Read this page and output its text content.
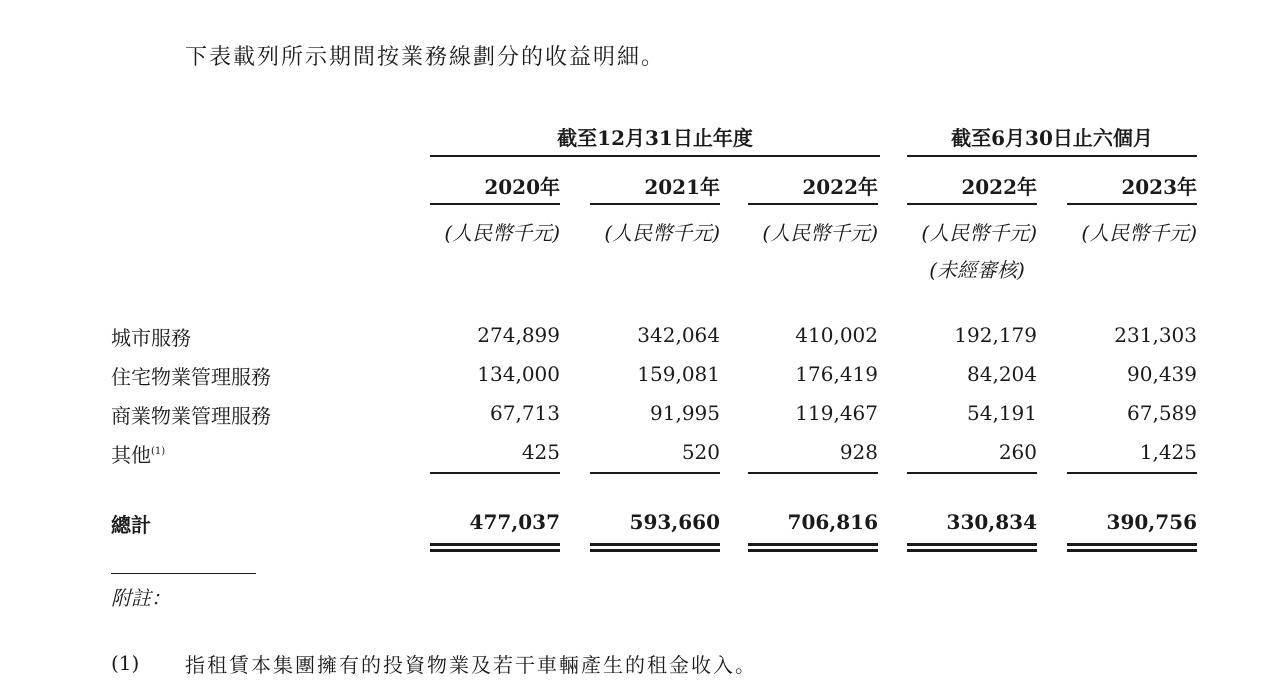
下表載列所示期間按業務線劃分的收益明細。
截至12月31日止年度	截至6月30日止六個月
2020年	2021年	2022年	2022年	2023年
(人民幣千元)	(人民幣千元)	(人民幣千元)	(人民幣千元)	(人民幣千元)
(未經審核)
城市服務	274,899	342,064	410,002	192,179	231,303
住宅物業管理服務	134,000	159,081	176,419	84,204	90,439
商業物業管理服務	67,713	91,995	119,467	54,191	67,589
其他$^{(1)}$	425	520	928	260	1,425
總計	477,037	593,660	706,816	330,834	390,756
附註：
(1) 指租賃本集團擁有的投資物業及若干車輛產生的租金收入。
